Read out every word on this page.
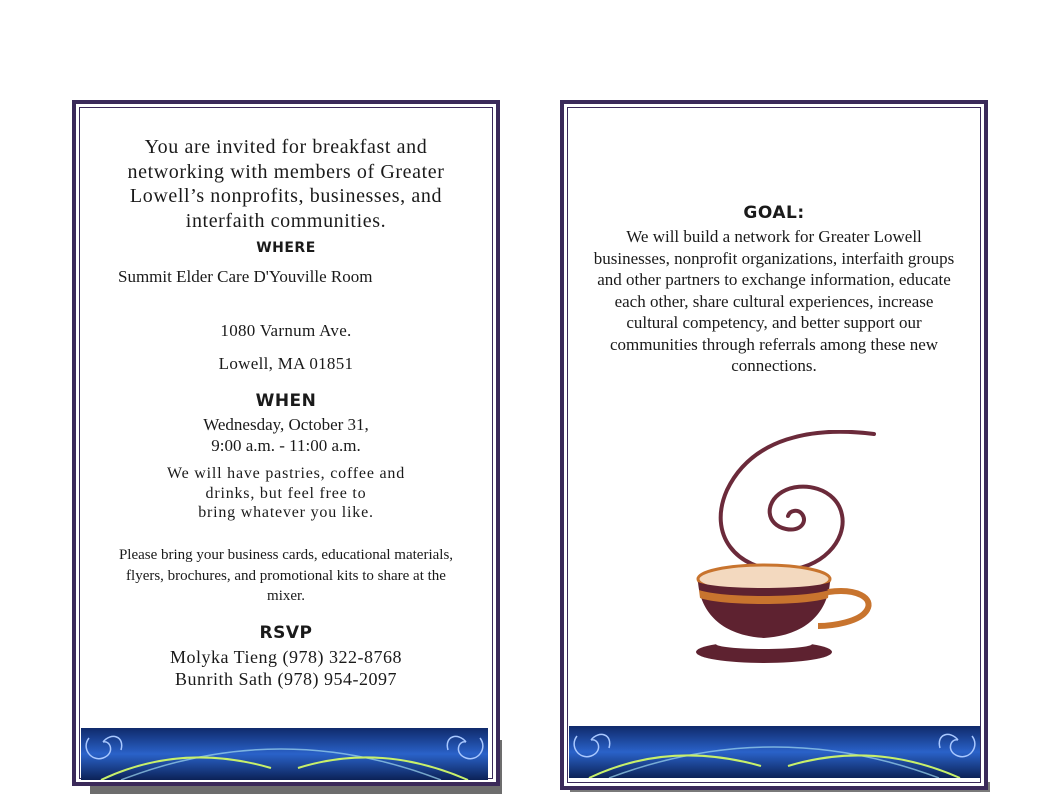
You are invited for breakfast and
networking with members of Greater
Lowell’s nonprofits, businesses, and
interfaith communities.
WHERE
Summit Elder Care D'Youville Room
1080 Varnum Ave.
Lowell, MA 01851
WHEN
Wednesday, October 31,
9:00 a.m. - 11:00 a.m.
We will have pastries, coffee and
drinks, but feel free to
bring whatever you like.
Please bring your business cards, educational materials,
flyers, brochures, and promotional kits to share at the
mixer.
RSVP
Molyka Tieng (978) 322-8768
Bunrith Sath (978) 954-2097
GOAL:
We will build a network for Greater Lowell
businesses, nonprofit organizations, interfaith groups
and other partners to exchange information, educate
each other, share cultural experiences, increase
cultural competency, and better support our
communities through referrals among these new
connections.
